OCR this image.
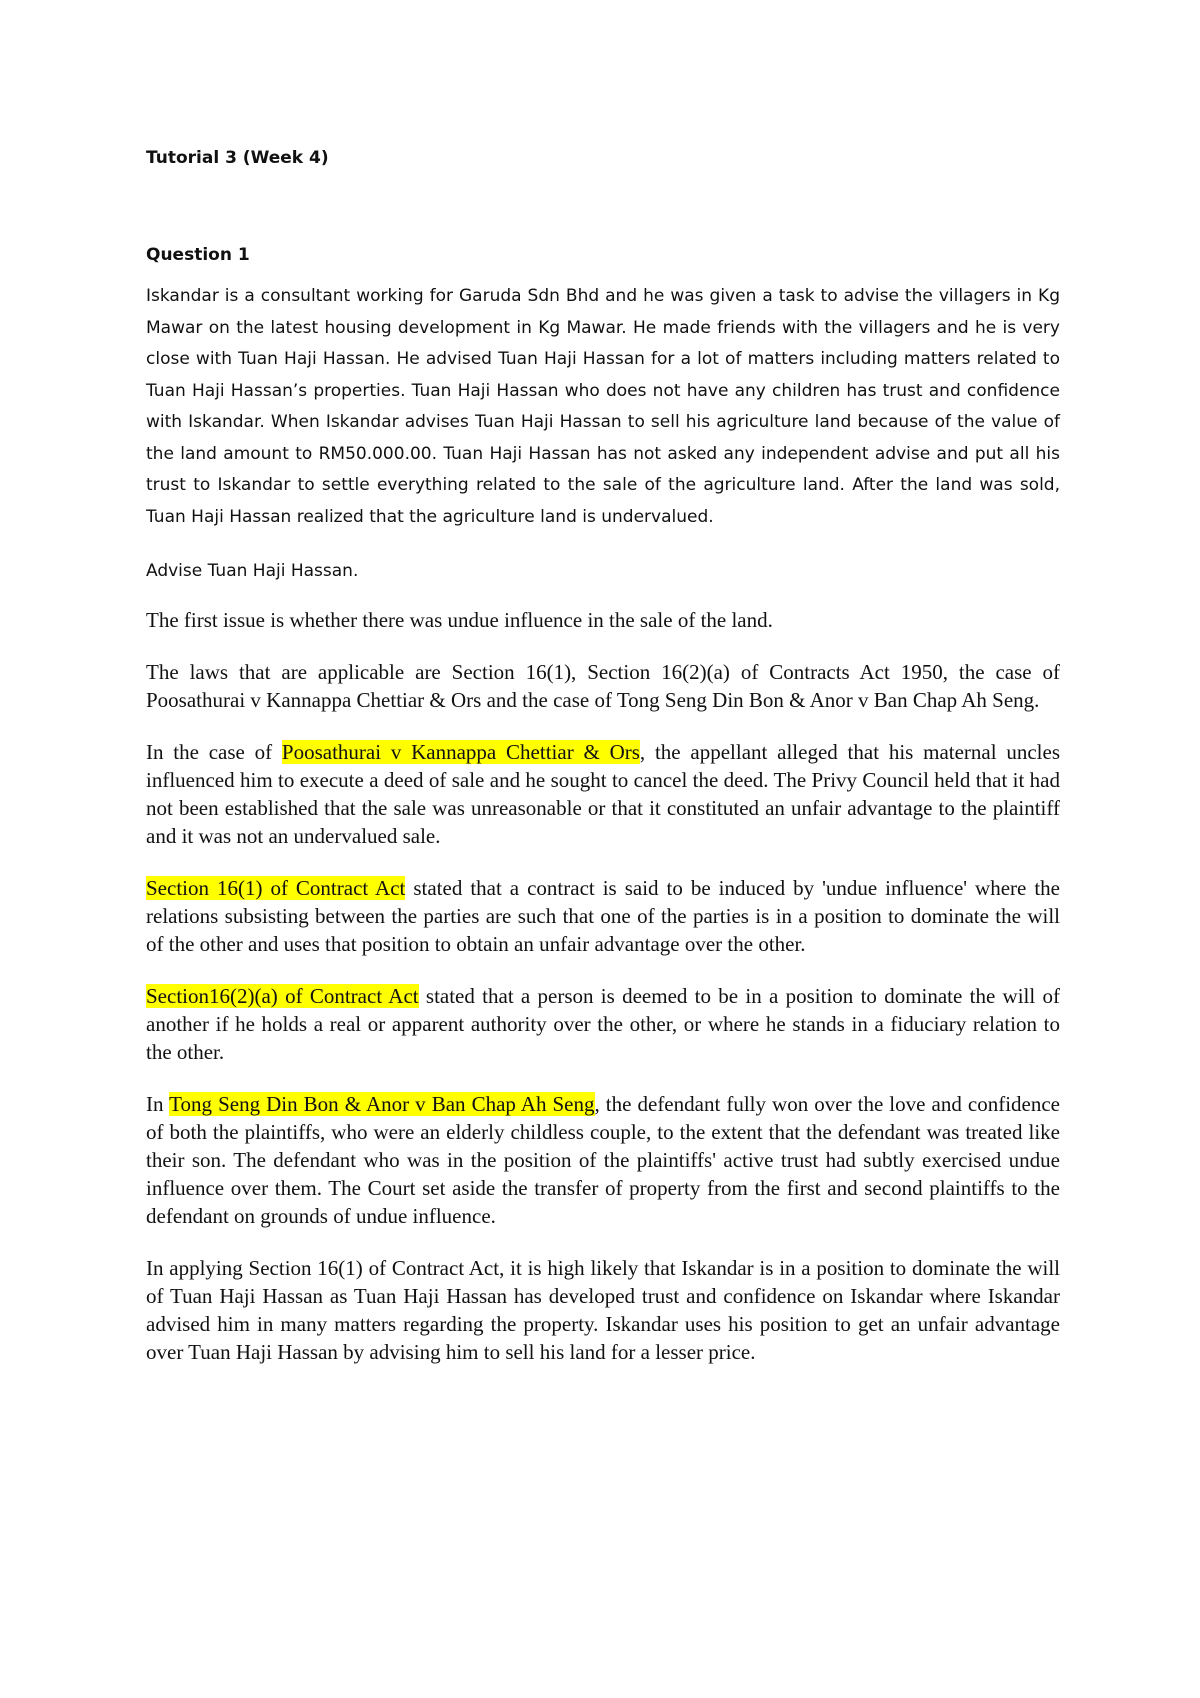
Tutorial 3 (Week 4)

Question 1

Iskandar is a consultant working for Garuda Sdn Bhd and he was given a task to advise the villagers in Kg Mawar on the latest housing development in Kg Mawar. He made friends with the villagers and he is very close with Tuan Haji Hassan. He advised Tuan Haji Hassan for a lot of matters including matters related to Tuan Haji Hassan’s properties. Tuan Haji Hassan who does not have any children has trust and confidence with Iskandar. When Iskandar advises Tuan Haji Hassan to sell his agriculture land because of the value of the land amount to RM50.000.00. Tuan Haji Hassan has not asked any independent advise and put all his trust to Iskandar to settle everything related to the sale of the agriculture land. After the land was sold, Tuan Haji Hassan realized that the agriculture land is undervalued.

Advise Tuan Haji Hassan.

The first issue is whether there was undue influence in the sale of the land.

The laws that are applicable are Section 16(1), Section 16(2)(a) of Contracts Act 1950, the case of Poosathurai v Kannappa Chettiar & Ors and the case of Tong Seng Din Bon & Anor v Ban Chap Ah Seng.

In the case of Poosathurai v Kannappa Chettiar & Ors, the appellant alleged that his maternal uncles influenced him to execute a deed of sale and he sought to cancel the deed. The Privy Council held that it had not been established that the sale was unreasonable or that it constituted an unfair advantage to the plaintiff and it was not an undervalued sale.

Section 16(1) of Contract Act stated that a contract is said to be induced by 'undue influence' where the relations subsisting between the parties are such that one of the parties is in a position to dominate the will of the other and uses that position to obtain an unfair advantage over the other.

Section16(2)(a) of Contract Act stated that a person is deemed to be in a position to dominate the will of another if he holds a real or apparent authority over the other, or where he stands in a fiduciary relation to the other.

In Tong Seng Din Bon & Anor v Ban Chap Ah Seng, the defendant fully won over the love and confidence of both the plaintiffs, who were an elderly childless couple, to the extent that the defendant was treated like their son. The defendant who was in the position of the plaintiffs' active trust had subtly exercised undue influence over them. The Court set aside the transfer of property from the first and second plaintiffs to the defendant on grounds of undue influence.

In applying Section 16(1) of Contract Act, it is high likely that Iskandar is in a position to dominate the will of Tuan Haji Hassan as Tuan Haji Hassan has developed trust and confidence on Iskandar where Iskandar advised him in many matters regarding the property. Iskandar uses his position to get an unfair advantage over Tuan Haji Hassan by advising him to sell his land for a lesser price.
